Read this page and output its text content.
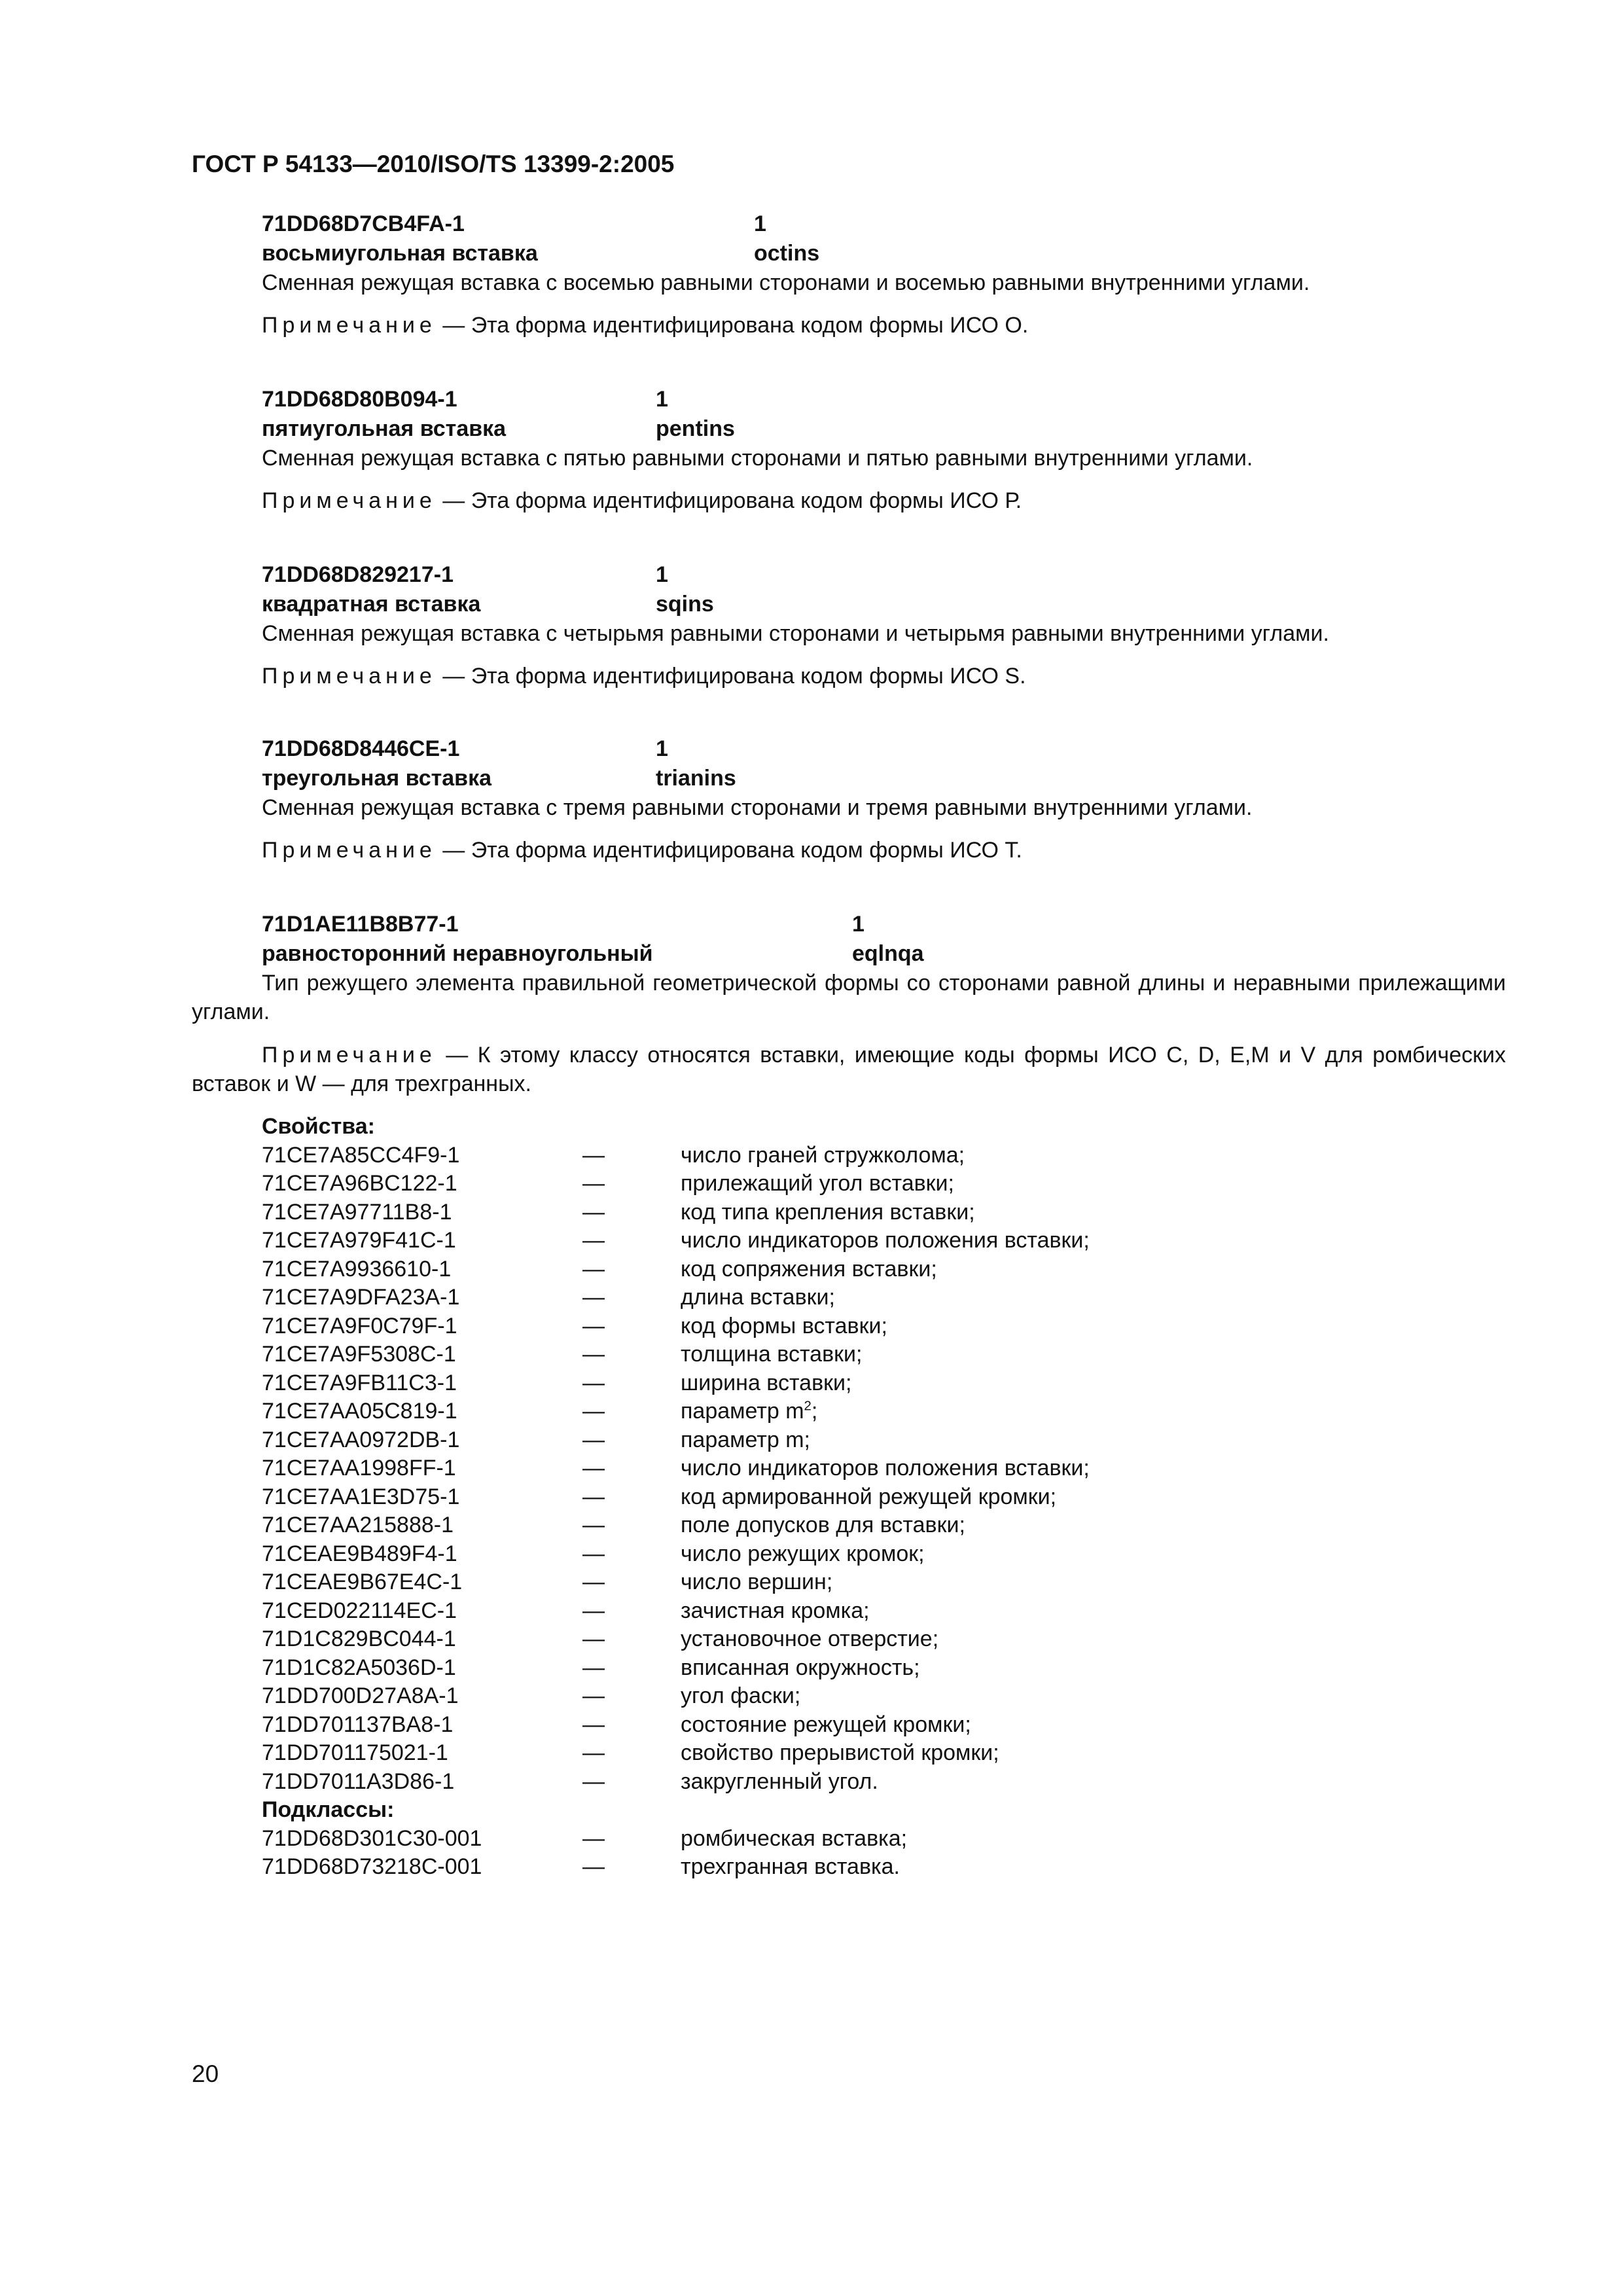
ГОСТ Р 54133—2010/ISO/TS 13399-2:2005
71DD68D7CB4FA-1	1
восьмиугольная вставка	octins
Сменная режущая вставка с восемью равными сторонами и восемью равными внутренними углами.
Примечание — Эта форма идентифицирована кодом формы ИСО О.
71DD68D80B094-1	1
пятиугольная вставка	pentins
Сменная режущая вставка с пятью равными сторонами и пятью равными внутренними углами.
Примечание — Эта форма идентифицирована кодом формы ИСО Р.
71DD68D829217-1	1
квадратная вставка	sqins
Сменная режущая вставка с четырьмя равными сторонами и четырьмя равными внутренними углами.
Примечание — Эта форма идентифицирована кодом формы ИСО S.
71DD68D8446CE-1	1
треугольная вставка	trianins
Сменная режущая вставка с тремя равными сторонами и тремя равными внутренними углами.
Примечание — Эта форма идентифицирована кодом формы ИСО Т.
71D1AE11B8B77-1	1
равносторонний неравноугольный	eqlnqa
Тип режущего элемента правильной геометрической формы со сторонами равной длины и неравными прилежащими углами.
Примечание — К этому классу относятся вставки, имеющие коды формы ИСО C, D, E,M и V для ромбических вставок и W — для трехгранных.
Свойства:
71CE7A85CC4F9-1	—	число граней стружколома;
71CE7A96BC122-1	—	прилежащий угол вставки;
71CE7A97711B8-1	—	код типа крепления вставки;
71CE7A979F41C-1	—	число индикаторов положения вставки;
71CE7A9936610-1	—	код сопряжения вставки;
71CE7A9DFA23A-1	—	длина вставки;
71CE7A9F0C79F-1	—	код формы вставки;
71CE7A9F5308C-1	—	толщина вставки;
71CE7A9FB11C3-1	—	ширина вставки;
71CE7AA05C819-1	—	параметр $m^2$;
71CE7AA0972DB-1	—	параметр m;
71CE7AA1998FF-1	—	число индикаторов положения вставки;
71CE7AA1E3D75-1	—	код армированной режущей кромки;
71CE7AA215888-1	—	поле допусков для вставки;
71CEAE9B489F4-1	—	число режущих кромок;
71CEAE9B67E4C-1	—	число вершин;
71CED022114EC-1	—	зачистная кромка;
71D1C829BC044-1	—	установочное отверстие;
71D1C82A5036D-1	—	вписанная окружность;
71DD700D27A8A-1	—	угол фаски;
71DD701137BA8-1	—	состояние режущей кромки;
71DD701175021-1	—	свойство прерывистой кромки;
71DD7011A3D86-1	—	закругленный угол.
Подклассы:
71DD68D301C30-001	—	ромбическая вставка;
71DD68D73218C-001	—	трехгранная вставка.
20
